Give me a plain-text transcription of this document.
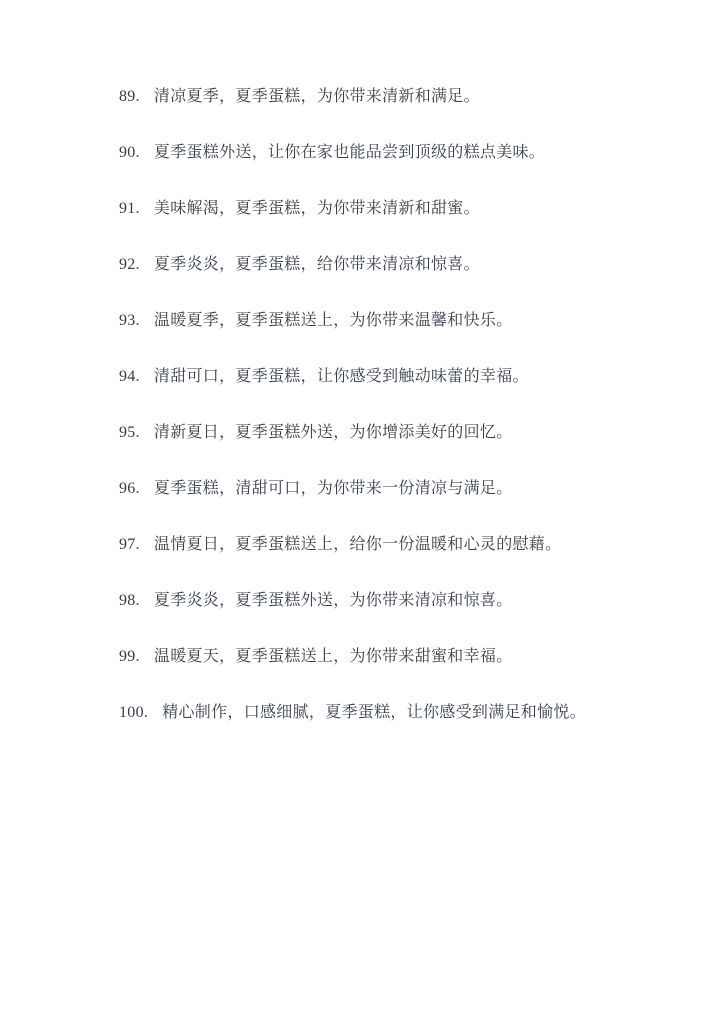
89. 清凉夏季，夏季蛋糕，为你带来清新和满足。
90. 夏季蛋糕外送，让你在家也能品尝到顶级的糕点美味。
91. 美味解渴，夏季蛋糕，为你带来清新和甜蜜。
92. 夏季炎炎，夏季蛋糕，给你带来清凉和惊喜。
93. 温暖夏季，夏季蛋糕送上，为你带来温馨和快乐。
94. 清甜可口，夏季蛋糕，让你感受到触动味蕾的幸福。
95. 清新夏日，夏季蛋糕外送，为你增添美好的回忆。
96. 夏季蛋糕，清甜可口，为你带来一份清凉与满足。
97. 温情夏日，夏季蛋糕送上，给你一份温暖和心灵的慰藉。
98. 夏季炎炎，夏季蛋糕外送，为你带来清凉和惊喜。
99. 温暖夏天，夏季蛋糕送上，为你带来甜蜜和幸福。
100. 精心制作，口感细腻，夏季蛋糕，让你感受到满足和愉悦。
